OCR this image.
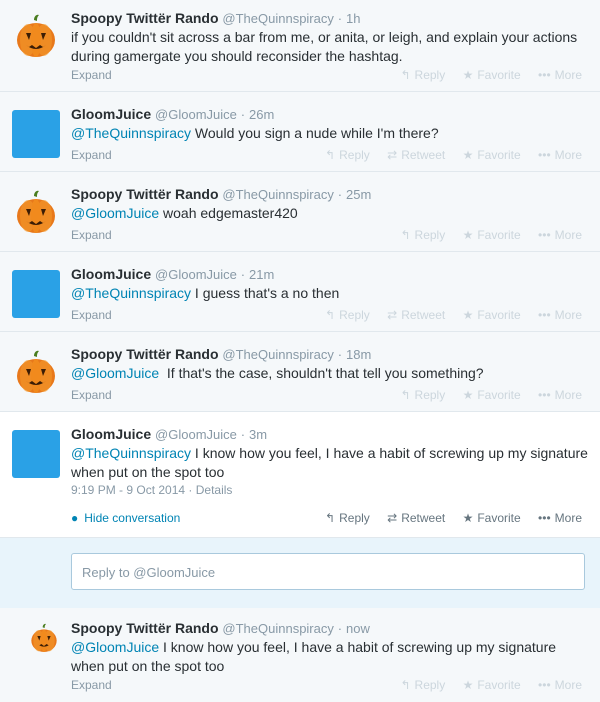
Spoopy Twittër Rando @TheQuinnspiracy · 1h
if you couldn't sit across a bar from me, or anita, or leigh, and explain your actions during gamergate you should reconsider the hashtag.
Expand	↰ Reply ★ Favorite ••• More
GloomJuice @GloomJuice · 26m
@TheQuinnspiracy Would you sign a nude while I'm there?
Expand	↰ Reply ⇄ Retweet ★ Favorite ••• More
Spoopy Twittër Rando @TheQuinnspiracy · 25m
@GloomJuice woah edgemaster420
Expand	↰ Reply ★ Favorite ••• More
GloomJuice @GloomJuice · 21m
@TheQuinnspiracy I guess that's a no then
Expand	↰ Reply ⇄ Retweet ★ Favorite ••• More
Spoopy Twittër Rando @TheQuinnspiracy · 18m
@GloomJuice  If that's the case, shouldn't that tell you something?
Expand	↰ Reply ★ Favorite ••• More
GloomJuice @GloomJuice · 3m
@TheQuinnspiracy I know how you feel, I have a habit of screwing up my signature when put on the spot too
9:19 PM - 9 Oct 2014 · Details
● Hide conversation	↰ Reply ⇄ Retweet ★ Favorite ••• More
Reply to @GloomJuice
Spoopy Twittër Rando @TheQuinnspiracy · now
@GloomJuice I know how you feel, I have a habit of screwing up my signature when put on the spot too
Expand	↰ Reply ★ Favorite ••• More
